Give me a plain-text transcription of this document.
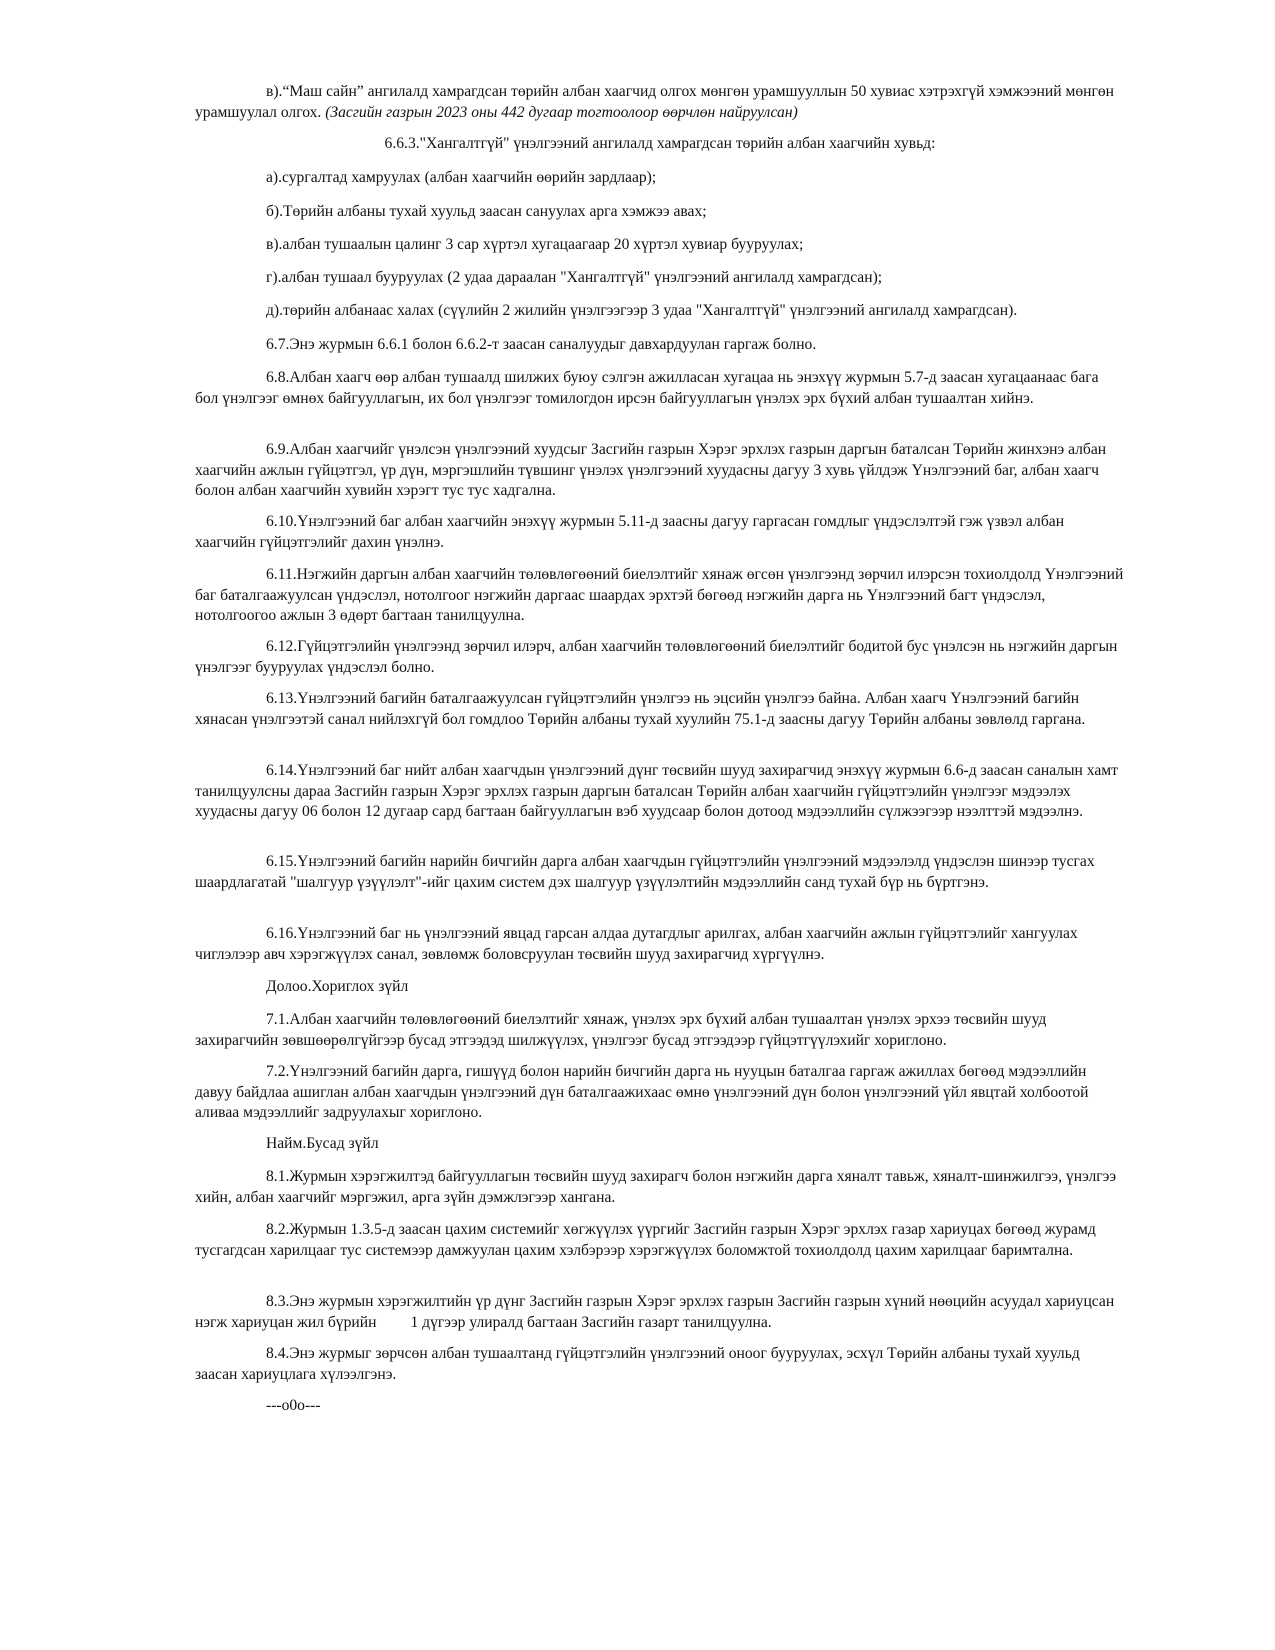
в).“Маш сайн” ангилалд хамрагдсан төрийн албан хаагчид олгох мөнгөн урамшууллын 50 хувиас хэтрэхгүй хэмжээний мөнгөн урамшуулал олгох. (Засгийн газрын 2023 оны 442 дугаар тогтоолоор өөрчлөн найруулсан)

6.6.3."Хангалтгүй" үнэлгээний ангилалд хамрагдсан төрийн албан хаагчийн хувьд:

а).сургалтад хамруулах (албан хаагчийн өөрийн зардлаар);

б).Төрийн албаны тухай хуульд заасан сануулах арга хэмжээ авах;

в).албан тушаалын цалинг 3 сар хүртэл хугацаагаар 20 хүртэл хувиар бууруулах;

г).албан тушаал бууруулах (2 удаа дараалан "Хангалтгүй" үнэлгээний ангилалд хамрагдсан);

д).төрийн албанаас халах (сүүлийн 2 жилийн үнэлгээгээр 3 удаа "Хангалтгүй" үнэлгээний ангилалд хамрагдсан).

6.7.Энэ журмын 6.6.1 болон 6.6.2-т заасан саналуудыг давхардуулан гаргаж болно.

6.8.Албан хаагч өөр албан тушаалд шилжих буюу сэлгэн ажилласан хугацаа нь энэхүү журмын 5.7-д заасан хугацаанаас бага бол үнэлгээг өмнөх байгууллагын, их бол үнэлгээг томилогдон ирсэн байгууллагын үнэлэх эрх бүхий албан тушаалтан хийнэ.

6.9.Албан хаагчийг үнэлсэн үнэлгээний хуудсыг Засгийн газрын Хэрэг эрхлэх газрын даргын баталсан Төрийн жинхэнэ албан хаагчийн ажлын гүйцэтгэл, үр дүн, мэргэшлийн түвшинг үнэлэх үнэлгээний хуудасны дагуу 3 хувь үйлдэж Үнэлгээний баг, албан хаагч болон албан хаагчийн хувийн хэрэгт тус тус хадгална.

6.10.Үнэлгээний баг албан хаагчийн энэхүү журмын 5.11-д заасны дагуу гаргасан гомдлыг үндэслэлтэй гэж үзвэл албан хаагчийн гүйцэтгэлийг дахин үнэлнэ.

6.11.Нэгжийн даргын албан хаагчийн төлөвлөгөөний биелэлтийг хянаж өгсөн үнэлгээнд зөрчил илэрсэн тохиолдолд Үнэлгээний баг баталгаажуулсан үндэслэл, нотолгоог нэгжийн даргаас шаардах эрхтэй бөгөөд нэгжийн дарга нь Үнэлгээний багт үндэслэл, нотолгоогоо ажлын 3 өдөрт багтаан танилцуулна.

6.12.Гүйцэтгэлийн үнэлгээнд зөрчил илэрч, албан хаагчийн төлөвлөгөөний биелэлтийг бодитой бус үнэлсэн нь нэгжийн даргын үнэлгээг бууруулах үндэслэл болно.

6.13.Үнэлгээний багийн баталгаажуулсан гүйцэтгэлийн үнэлгээ нь эцсийн үнэлгээ байна. Албан хаагч Үнэлгээний багийн хянасан үнэлгээтэй санал нийлэхгүй бол гомдлоо Төрийн албаны тухай хуулийн 75.1-д заасны дагуу Төрийн албаны зөвлөлд гаргана.

6.14.Үнэлгээний баг нийт албан хаагчдын үнэлгээний дүнг төсвийн шууд захирагчид энэхүү журмын 6.6-д заасан саналын хамт танилцуулсны дараа Засгийн газрын Хэрэг эрхлэх газрын даргын баталсан Төрийн албан хаагчийн гүйцэтгэлийн үнэлгээг мэдээлэх хуудасны дагуу 06 болон 12 дугаар сард багтаан байгууллагын вэб хуудсаар болон дотоод мэдээллийн сүлжээгээр нээлттэй мэдээлнэ.

6.15.Үнэлгээний багийн нарийн бичгийн дарга албан хаагчдын гүйцэтгэлийн үнэлгээний мэдээлэлд үндэслэн шинээр тусгах шаардлагатай "шалгуур үзүүлэлт"-ийг цахим систем дэх шалгуур үзүүлэлтийн мэдээллийн санд тухай бүр нь бүртгэнэ.

6.16.Үнэлгээний баг нь үнэлгээний явцад гарсан алдаа дутагдлыг арилгах, албан хаагчийн ажлын гүйцэтгэлийг хангуулах чиглэлээр авч хэрэгжүүлэх санал, зөвлөмж боловсруулан төсвийн шууд захирагчид хүргүүлнэ.

Долоо.Хориглох зүйл

7.1.Албан хаагчийн төлөвлөгөөний биелэлтийг хянаж, үнэлэх эрх бүхий албан тушаалтан үнэлэх эрхээ төсвийн шууд захирагчийн зөвшөөрөлгүйгээр бусад этгээдэд шилжүүлэх, үнэлгээг бусад этгээдээр гүйцэтгүүлэхийг хориглоно.

7.2.Үнэлгээний багийн дарга, гишүүд болон нарийн бичгийн дарга нь нууцын баталгаа гаргаж ажиллах бөгөөд мэдээллийн давуу байдлаа ашиглан албан хаагчдын үнэлгээний дүн баталгаажихаас өмнө үнэлгээний дүн болон үнэлгээний үйл явцтай холбоотой аливаа мэдээллийг задруулахыг хориглоно.

Найм.Бусад зүйл

8.1.Журмын хэрэгжилтэд байгууллагын төсвийн шууд захирагч болон нэгжийн дарга хяналт тавьж, хяналт-шинжилгээ, үнэлгээ хийн, албан хаагчийг мэргэжил, арга зүйн дэмжлэгээр хангана.

8.2.Журмын 1.3.5-д заасан цахим системийг хөгжүүлэх үүргийг Засгийн газрын Хэрэг эрхлэх газар хариуцах бөгөөд журамд тусгагдсан харилцааг тус системээр дамжуулан цахим хэлбэрээр хэрэгжүүлэх боломжтой тохиолдолд цахим харилцааг баримтална.

8.3.Энэ журмын хэрэгжилтийн үр дүнг Засгийн газрын Хэрэг эрхлэх газрын Засгийн газрын хүний нөөцийн асуудал хариуцсан нэгж хариуцан жил бүрийн 1 дүгээр улиралд багтаан Засгийн газарт танилцуулна.

8.4.Энэ журмыг зөрчсөн албан тушаалтанд гүйцэтгэлийн үнэлгээний оноог бууруулах, эсхүл Төрийн албаны тухай хуульд заасан хариуцлага хүлээлгэнэ.

---o0o---
